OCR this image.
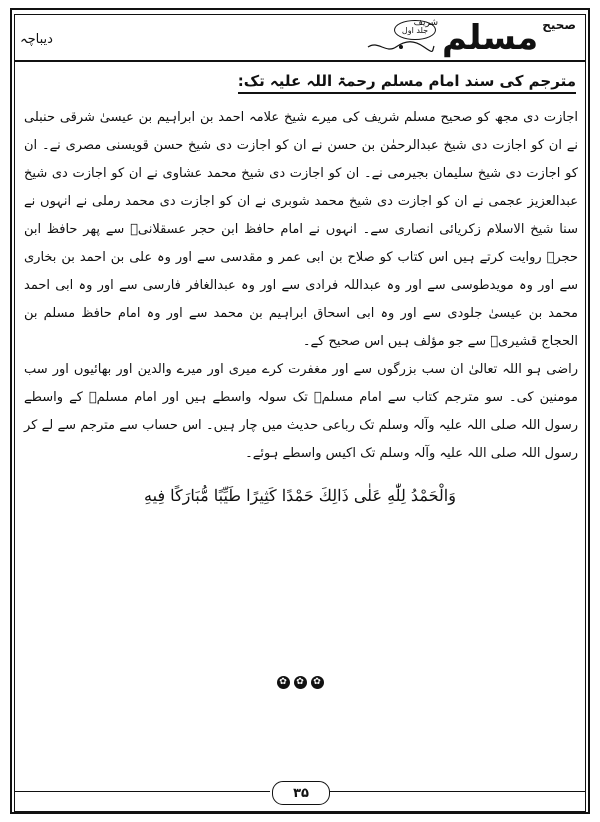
دیباچہ
جلد اول	صحیح
مسلم
شریف
مترجم کی سند امام مسلم رحمۃ اللہ علیہ تک:

اجازت دی مجھ کو صحیح مسلم شریف کی میرے شیخ علامہ احمد بن ابراہیم بن عیسیٰ شرقی حنبلی نے ان کو اجازت دی شیخ عبدالرحمٰن بن حسن نے ان کو اجازت دی شیخ حسن قویسنی مصری نے۔ ان کو اجازت دی شیخ سلیمان بجیرمی نے۔ ان کو اجازت دی شیخ محمد عشاوی نے ان کو اجازت دی شیخ عبدالعزیز عجمی نے ان کو اجازت دی شیخ محمد شوبری نے ان کو اجازت دی محمد رملی نے انہوں نے سنا شیخ الاسلام زکریائی انصاری سے۔ انہوں نے امام حافظ ابن حجر عسقلانیؒ سے پھر حافظ ابن حجرؒ روایت کرتے ہیں اس کتاب کو صلاح بن ابی عمر و مقدسی سے اور وہ علی بن احمد بن بخاری سے اور وہ مویدطوسی سے اور وہ عبداللہ فرادی سے اور وہ عبدالغافر فارسی سے اور وہ ابی احمد محمد بن عیسیٰ جلودی سے اور وہ ابی اسحاق ابراہیم بن محمد سے اور وہ امام حافظ مسلم بن الحجاج قشیریؒ سے جو مؤلف ہیں اس صحیح کے۔

راضی ہو اللہ تعالیٰ ان سب بزرگوں سے اور مغفرت کرے میری اور میرے والدین اور بھائیوں اور سب مومنین کی۔ سو مترجم کتاب سے امام مسلمؒ تک سولہ واسطے ہیں اور امام مسلمؒ کے واسطے رسول اللہ صلی اللہ علیہ وآلہ وسلم تک رباعی حدیث میں چار ہیں۔ اس حساب سے مترجم سے لے کر رسول اللہ صلی اللہ علیہ وآلہ وسلم تک اکیس واسطے ہوئے۔

وَالْحَمْدُ لِلّٰهِ عَلٰى ذَالِكَ حَمْدًا كَثِيرًا طَيِّبًا مُّبَارَكًا فِيهِ
✿	✿	✿
۳۵
